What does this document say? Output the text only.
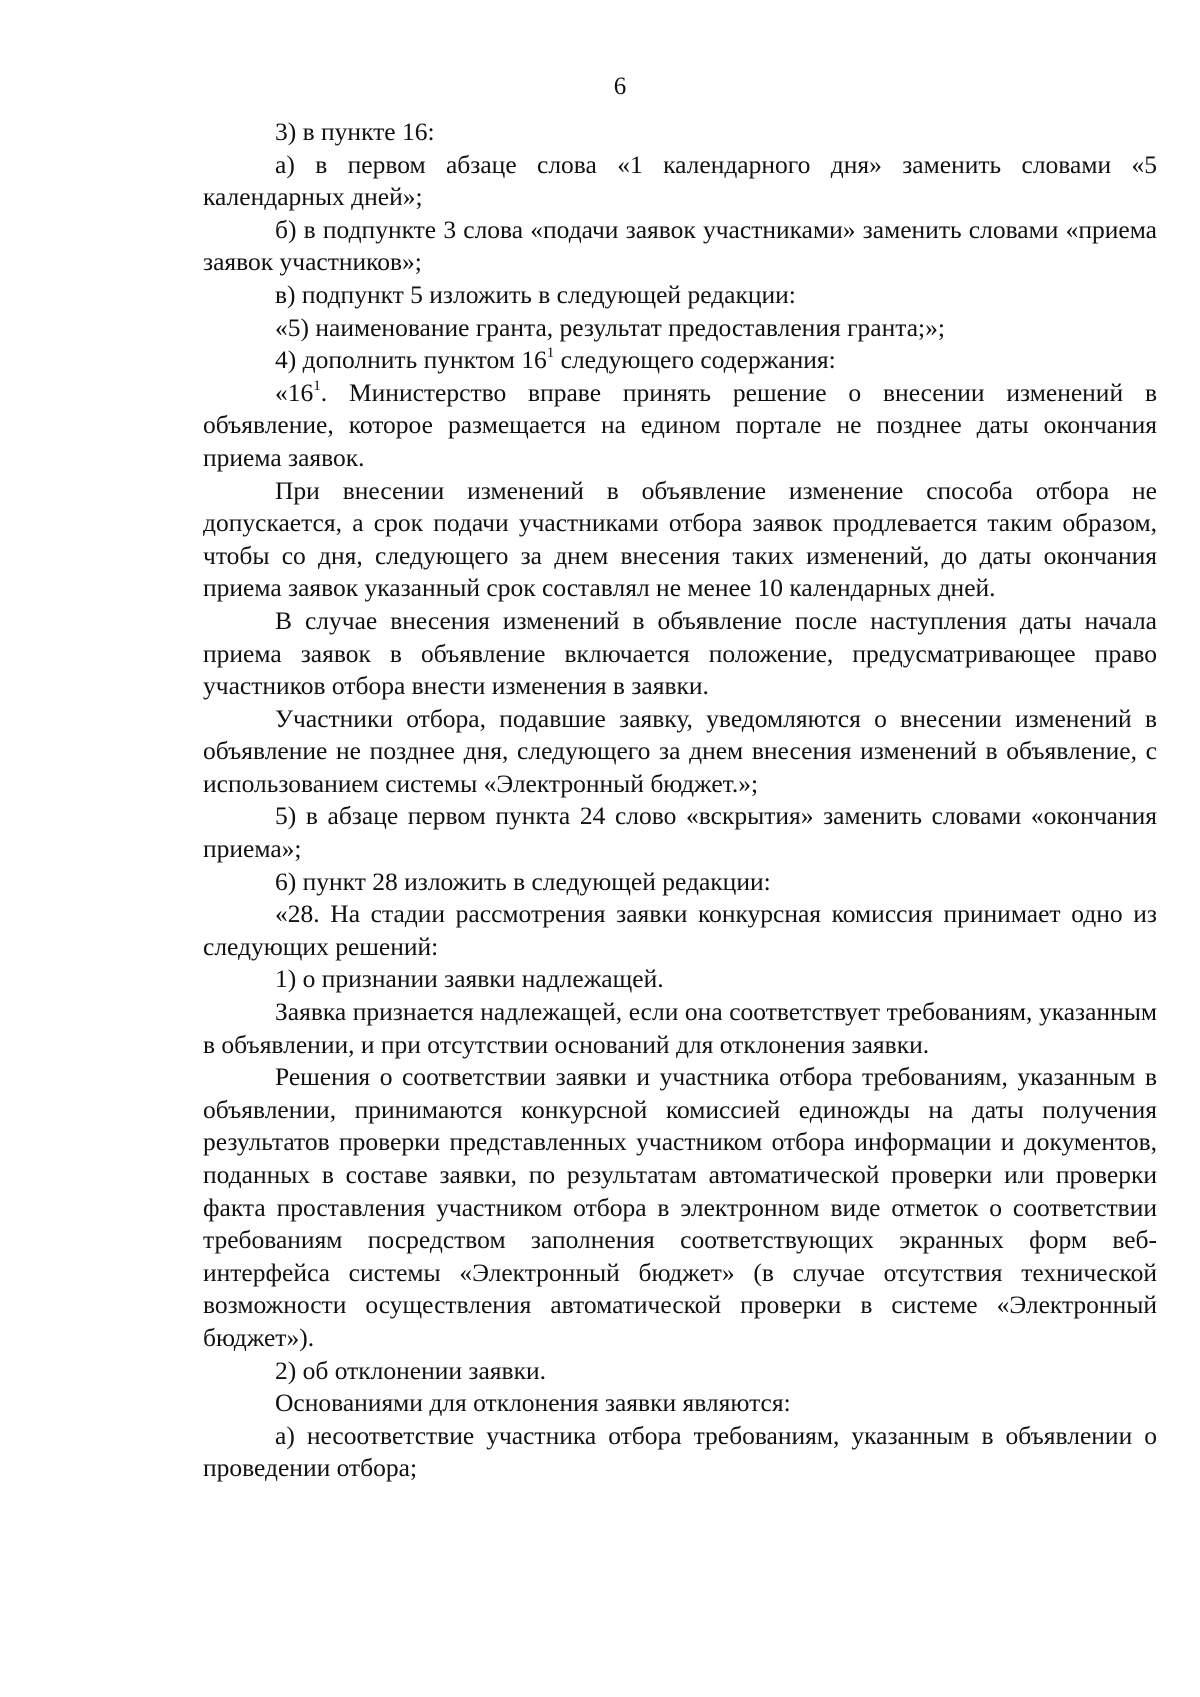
6

3) в пункте 16:

а) в первом абзаце слова «1 календарного дня» заменить словами «5 календарных дней»;

б) в подпункте 3 слова «подачи заявок участниками» заменить словами «приема заявок участников»;

в) подпункт 5 изложить в следующей редакции:

«5) наименование гранта, результат предоставления гранта;»;

4) дополнить пунктом $16^1$ следующего содержания:

«$16^1$. Министерство вправе принять решение о внесении изменений в объявление, которое размещается на едином портале не позднее даты окончания приема заявок.

При внесении изменений в объявление изменение способа отбора не допускается, а срок подачи участниками отбора заявок продлевается таким образом, чтобы со дня, следующего за днем внесения таких изменений, до даты окончания приема заявок указанный срок составлял не менее 10 календарных дней.

В случае внесения изменений в объявление после наступления даты начала приема заявок в объявление включается положение, предусматривающее право участников отбора внести изменения в заявки.

Участники отбора, подавшие заявку, уведомляются о внесении изменений в объявление не позднее дня, следующего за днем внесения изменений в объявление, с использованием системы «Электронный бюджет.»;

5) в абзаце первом пункта 24 слово «вскрытия» заменить словами «окончания приема»;

6) пункт 28 изложить в следующей редакции:

«28. На стадии рассмотрения заявки конкурсная комиссия принимает одно из следующих решений:

1) о признании заявки надлежащей.

Заявка признается надлежащей, если она соответствует требованиям, указанным в объявлении, и при отсутствии оснований для отклонения заявки.

Решения о соответствии заявки и участника отбора требованиям, указанным в объявлении, принимаются конкурсной комиссией единожды на даты получения результатов проверки представленных участником отбора информации и документов, поданных в составе заявки, по результатам автоматической проверки или проверки факта проставления участником отбора в электронном виде отметок о соответствии требованиям посредством заполнения соответствующих экранных форм веб-интерфейса системы «Электронный бюджет» (в случае отсутствия технической возможности осуществления автоматической проверки в системе «Электронный бюджет»).

2) об отклонении заявки.

Основаниями для отклонения заявки являются:

а) несоответствие участника отбора требованиям, указанным в объявлении о проведении отбора;
